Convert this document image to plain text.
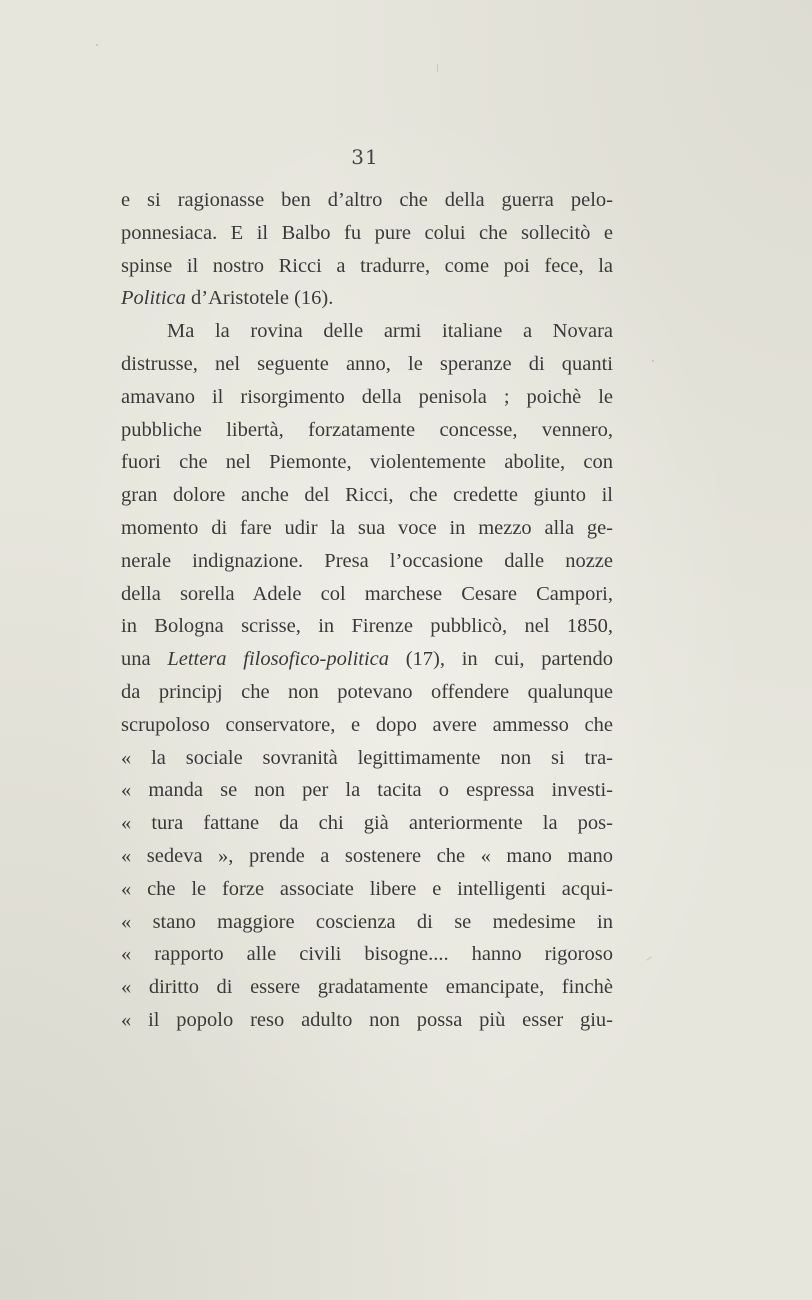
31
e si ragionasse ben d’altro che della guerra pelo-
ponnesiaca. E il Balbo fu pure colui che sollecitò e
spinse il nostro Ricci a tradurre, come poi fece, la
Politica d’Aristotele (16).
Ma la rovina delle armi italiane a Novara
distrusse, nel seguente anno, le speranze di quanti
amavano il risorgimento della penisola ; poichè le
pubbliche libertà, forzatamente concesse, vennero,
fuori che nel Piemonte, violentemente abolite, con
gran dolore anche del Ricci, che credette giunto il
momento di fare udir la sua voce in mezzo alla ge-
nerale indignazione. Presa l’occasione dalle nozze
della sorella Adele col marchese Cesare Campori,
in Bologna scrisse, in Firenze pubblicò, nel 1850,
una Lettera filosofico-politica (17), in cui, partendo
da principj che non potevano offendere qualunque
scrupoloso conservatore, e dopo avere ammesso che
« la sociale sovranità legittimamente non si tra-
« manda se non per la tacita o espressa investi-
« tura fattane da chi già anteriormente la pos-
« sedeva », prende a sostenere che « mano mano
« che le forze associate libere e intelligenti acqui-
« stano maggiore coscienza di se medesime in
« rapporto alle civili bisogne.... hanno rigoroso
« diritto di essere gradatamente emancipate, finchè
« il popolo reso adulto non possa più esser giu-
